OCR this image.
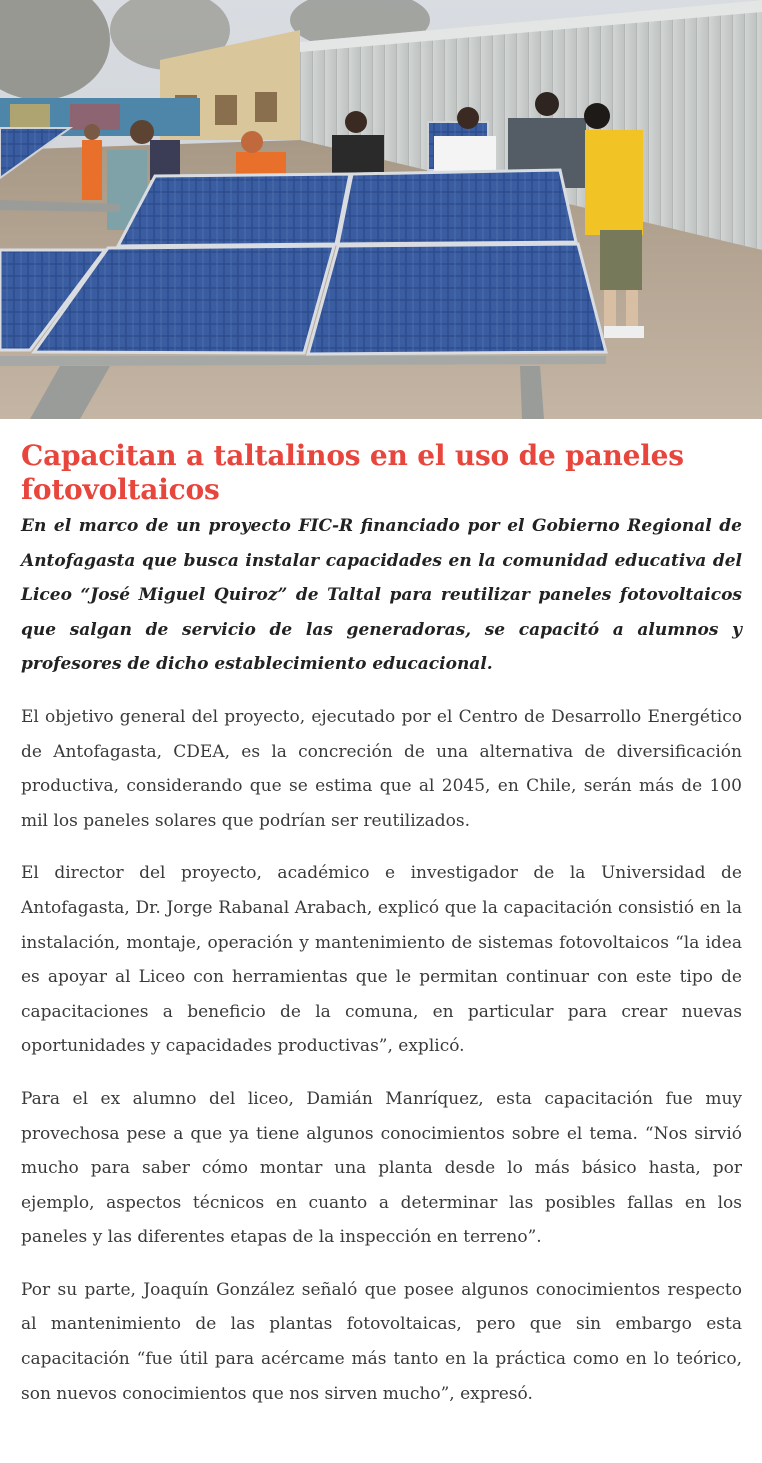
Capacitan a taltalinos en el uso de paneles fotovoltaicos

En el marco de un proyecto FIC-R financiado por el Gobierno Regional de Antofagasta que busca instalar capacidades en la comunidad educativa del Liceo “José Miguel Quiroz” de Taltal para reutilizar paneles fotovoltaicos que salgan de servicio de las generadoras, se capacitó a alumnos y profesores de dicho establecimiento educacional.

El objetivo general del proyecto, ejecutado por el Centro de Desarrollo Energético de Antofagasta, CDEA, es la concreción de una alternativa de diversificación productiva, considerando que se estima que al 2045, en Chile, serán más de 100 mil los paneles solares que podrían ser reutilizados.

El director del proyecto, académico e investigador de la Universidad de Antofagasta, Dr. Jorge Rabanal Arabach, explicó que la capacitación consistió en la instalación, montaje, operación y mantenimiento de sistemas fotovoltaicos “la idea es apoyar al Liceo con herramientas que le permitan continuar con este tipo de capacitaciones a beneficio de la comuna, en particular para crear nuevas oportunidades y capacidades productivas”, explicó.

Para el ex alumno del liceo, Damián Manríquez, esta capacitación fue muy provechosa pese a que ya tiene algunos conocimientos sobre el tema. “Nos sirvió mucho para saber cómo montar una planta desde lo más básico hasta, por ejemplo, aspectos técnicos en cuanto a determinar las posibles fallas en los paneles y las diferentes etapas de la inspección en terreno”.

Por su parte, Joaquín González señaló que posee algunos conocimientos respecto al mantenimiento de las plantas fotovoltaicas, pero que sin embargo esta capacitación “fue útil para acércame más tanto en la práctica como en lo teórico, son nuevos conocimientos que nos sirven mucho”, expresó.
